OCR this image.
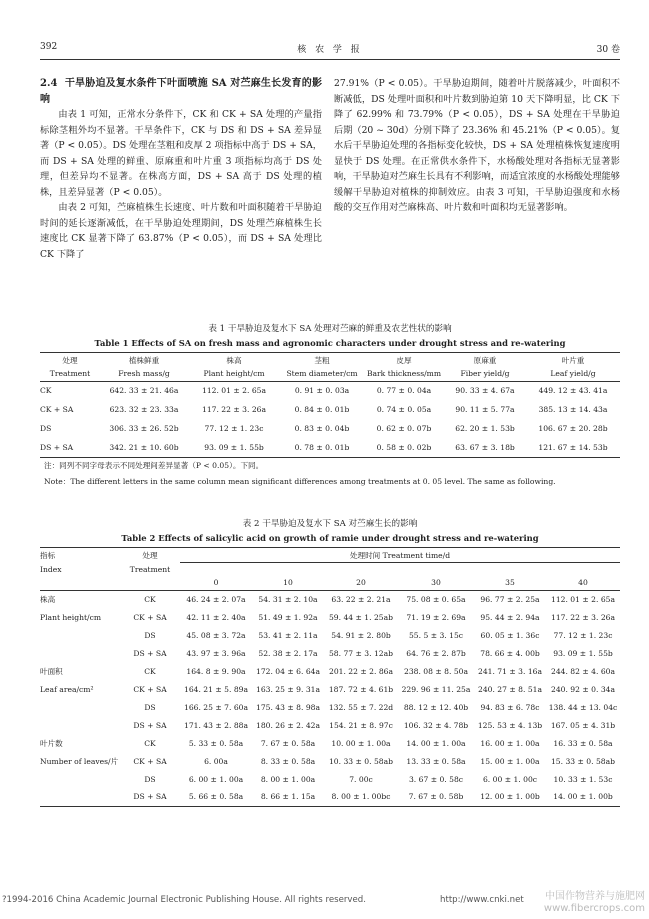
392	核 农 学 报	30 卷

2.4 干旱胁迫及复水条件下叶面喷施 SA 对苎麻生长发育的影响

由表 1 可知，正常水分条件下，CK 和 CK + SA 处理的产量指标除茎粗外均不显著。干旱条件下，CK 与 DS 和 DS + SA 差异显著（P < 0.05）。DS 处理在茎粗和皮厚 2 项指标中高于 DS + SA，而 DS + SA 处理的鲜重、原麻重和叶片重 3 项指标均高于 DS 处理，但差异均不显著。在株高方面，DS + SA 高于 DS 处理的植株，且差异显著（P < 0.05）。

由表 2 可知，苎麻植株生长速度、叶片数和叶面积随着干旱胁迫时间的延长逐渐减低，在干旱胁迫处理期间，DS 处理苎麻植株生长速度比 CK 显著下降了 63.87%（P < 0.05），而 DS + SA 处理比 CK 下降了

27.91%（P < 0.05）。干旱胁迫期间，随着叶片脱落减少，叶面积不断减低，DS 处理叶面积和叶片数到胁迫第 10 天下降明显，比 CK 下降了 62.99% 和 73.79%（P < 0.05），DS + SA 处理在干旱胁迫后期（20 ~ 30d）分别下降了 23.36% 和 45.21%（P < 0.05）。复水后干旱胁迫处理的各指标变化较快，DS + SA 处理植株恢复速度明显快于 DS 处理。在正常供水条件下，水杨酸处理对各指标无显著影响，干旱胁迫对苎麻生长具有不利影响，而适宜浓度的水杨酸处理能够缓解干旱胁迫对植株的抑制效应。由表 3 可知，干旱胁迫强度和水杨酸的交互作用对苎麻株高、叶片数和叶面积均无显著影响。

表 1 干旱胁迫及复水下 SA 处理对苎麻的鲜重及农艺性状的影响
Table 1 Effects of SA on fresh mass and agronomic characters under drought stress and re-watering
处理	植株鲜重	株高	茎粗	皮厚	原麻重	叶片重
Treatment	Fresh mass/g	Plant height/cm	Stem diameter/cm	Bark thickness/mm	Fiber yield/g	Leaf yield/g
CK	642. 33 ± 21. 46a	112. 01 ± 2. 65a	0. 91 ± 0. 03a	0. 77 ± 0. 04a	90. 33 ± 4. 67a	449. 12 ± 43. 41a
CK + SA	623. 32 ± 23. 33a	117. 22 ± 3. 26a	0. 84 ± 0. 01b	0. 74 ± 0. 05a	90. 11 ± 5. 77a	385. 13 ± 14. 43a
DS	306. 33 ± 26. 52b	77. 12 ± 1. 23c	0. 83 ± 0. 04b	0. 62 ± 0. 07b	62. 20 ± 1. 53b	106. 67 ± 20. 28b
DS + SA	342. 21 ± 10. 60b	93. 09 ± 1. 55b	0. 78 ± 0. 01b	0. 58 ± 0. 02b	63. 67 ± 3. 18b	121. 67 ± 14. 53b
注：同列不同字母表示不同处理间差异显著（P < 0.05）。下同。
Note：The different letters in the same column mean significant differences among treatments at 0. 05 level. The same as following.
表 2 干旱胁迫及复水下 SA 对苎麻生长的影响
Table 2 Effects of salicylic acid on growth of ramie under drought stress and re-watering
指标	处理	处理时间 Treatment time/d					
Index	Treatment						
		0	10	20	30	35	40
株高	CK	46. 24 ± 2. 07a	54. 31 ± 2. 10a	63. 22 ± 2. 21a	75. 08 ± 0. 65a	96. 77 ± 2. 25a	112. 01 ± 2. 65a
Plant height/cm	CK + SA	42. 11 ± 2. 40a	51. 49 ± 1. 92a	59. 44 ± 1. 25ab	71. 19 ± 2. 69a	95. 44 ± 2. 94a	117. 22 ± 3. 26a
	DS	45. 08 ± 3. 72a	53. 41 ± 2. 11a	54. 91 ± 2. 80b	55. 5 ± 3. 15c	60. 05 ± 1. 36c	77. 12 ± 1. 23c
	DS + SA	43. 97 ± 3. 96a	52. 38 ± 2. 17a	58. 77 ± 3. 12ab	64. 76 ± 2. 87b	78. 66 ± 4. 00b	93. 09 ± 1. 55b
叶面积	CK	164. 8 ± 9. 90a	172. 04 ± 6. 64a	201. 22 ± 2. 86a	238. 08 ± 8. 50a	241. 71 ± 3. 16a	244. 82 ± 4. 60a
Leaf area/cm²	CK + SA	164. 21 ± 5. 89a	163. 25 ± 9. 31a	187. 72 ± 4. 61b	229. 96 ± 11. 25a	240. 27 ± 8. 51a	240. 92 ± 0. 34a
	DS	166. 25 ± 7. 60a	175. 43 ± 8. 98a	132. 55 ± 7. 22d	88. 12 ± 12. 40b	94. 83 ± 6. 78c	138. 44 ± 13. 04c
	DS + SA	171. 43 ± 2. 88a	180. 26 ± 2. 42a	154. 21 ± 8. 97c	106. 32 ± 4. 78b	125. 53 ± 4. 13b	167. 05 ± 4. 31b
叶片数	CK	5. 33 ± 0. 58a	7. 67 ± 0. 58a	10. 00 ± 1. 00a	14. 00 ± 1. 00a	16. 00 ± 1. 00a	16. 33 ± 0. 58a
Number of leaves/片	CK + SA	6. 00a	8. 33 ± 0. 58a	10. 33 ± 0. 58ab	13. 33 ± 0. 58a	15. 00 ± 1. 00a	15. 33 ± 0. 58ab
	DS	6. 00 ± 1. 00a	8. 00 ± 1. 00a	7. 00c	3. 67 ± 0. 58c	6. 00 ± 1. 00c	10. 33 ± 1. 53c
	DS + SA	5. 66 ± 0. 58a	8. 66 ± 1. 15a	8. 00 ± 1. 00bc	7. 67 ± 0. 58b	12. 00 ± 1. 00b	14. 00 ± 1. 00b
?1994-2016 China Academic Journal Electronic Publishing House. All rights reserved.	http://www.cnki.net 中国作物营养与施肥网
www.fibercrops.com
